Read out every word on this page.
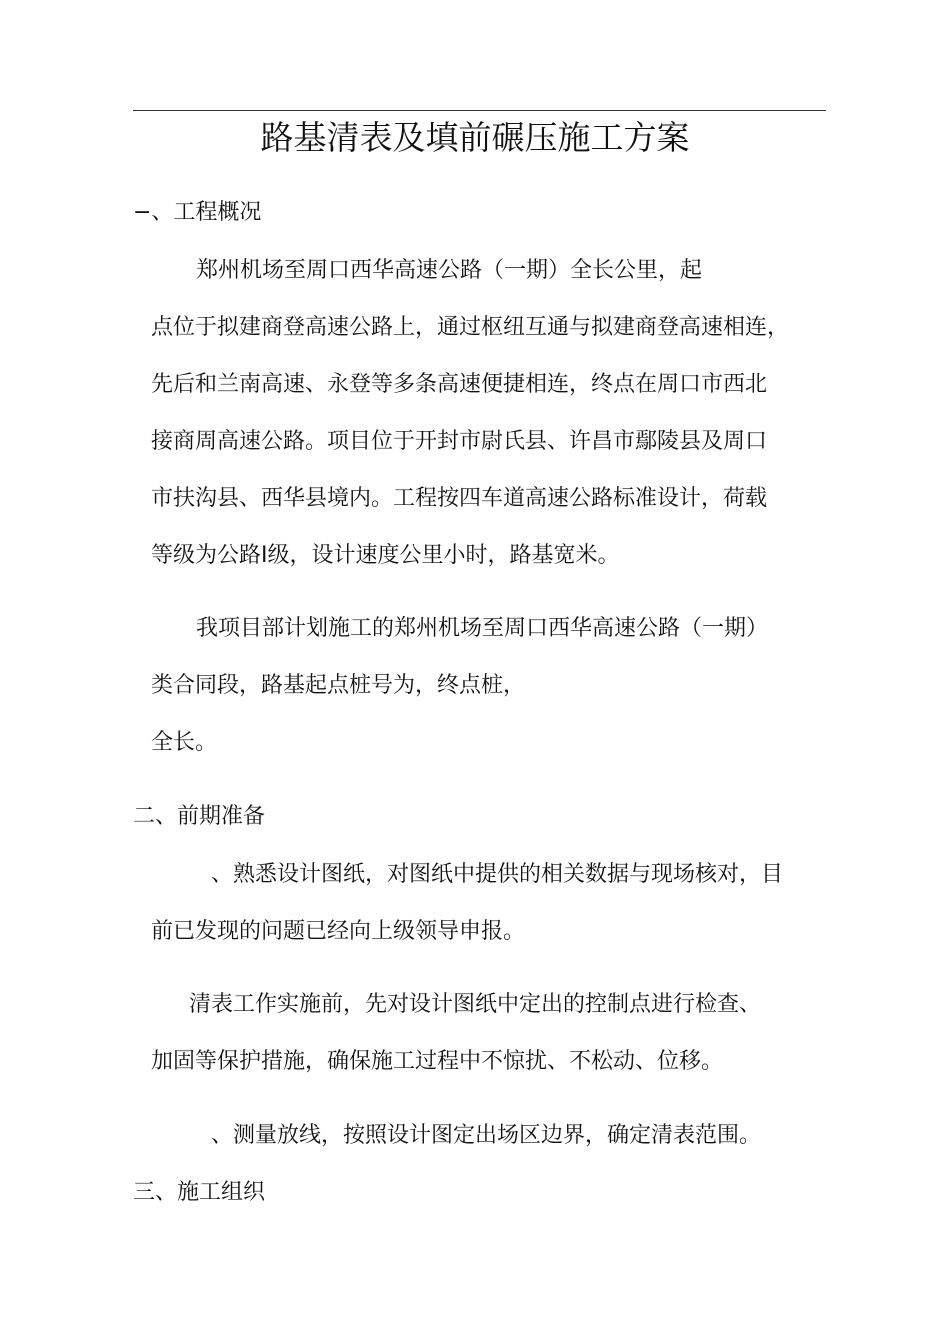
路基清表及填前碾压施工方案
−、工程概况
郑州机场至周口西华高速公路（一期）全长公里，起
点位于拟建商登高速公路上，通过枢纽互通与拟建商登高速相连，
先后和兰南高速、永登等多条高速便捷相连，终点在周口市西北
接商周高速公路。项目位于开封市尉氏县、许昌市鄢陵县及周口
市扶沟县、西华县境内。工程按四车道高速公路标准设计，荷载
等级为公路Ⅰ级，设计速度公里小时，路基宽米。
我项目部计划施工的郑州机场至周口西华高速公路（一期）
类合同段，路基起点桩号为，终点桩，
全长。
二、前期准备
、熟悉设计图纸，对图纸中提供的相关数据与现场核对，目
前已发现的问题已经向上级领导申报。
清表工作实施前，先对设计图纸中定出的控制点进行检查、
加固等保护措施，确保施工过程中不惊扰、不松动、位移。
、测量放线，按照设计图定出场区边界，确定清表范围。
三、施工组织
